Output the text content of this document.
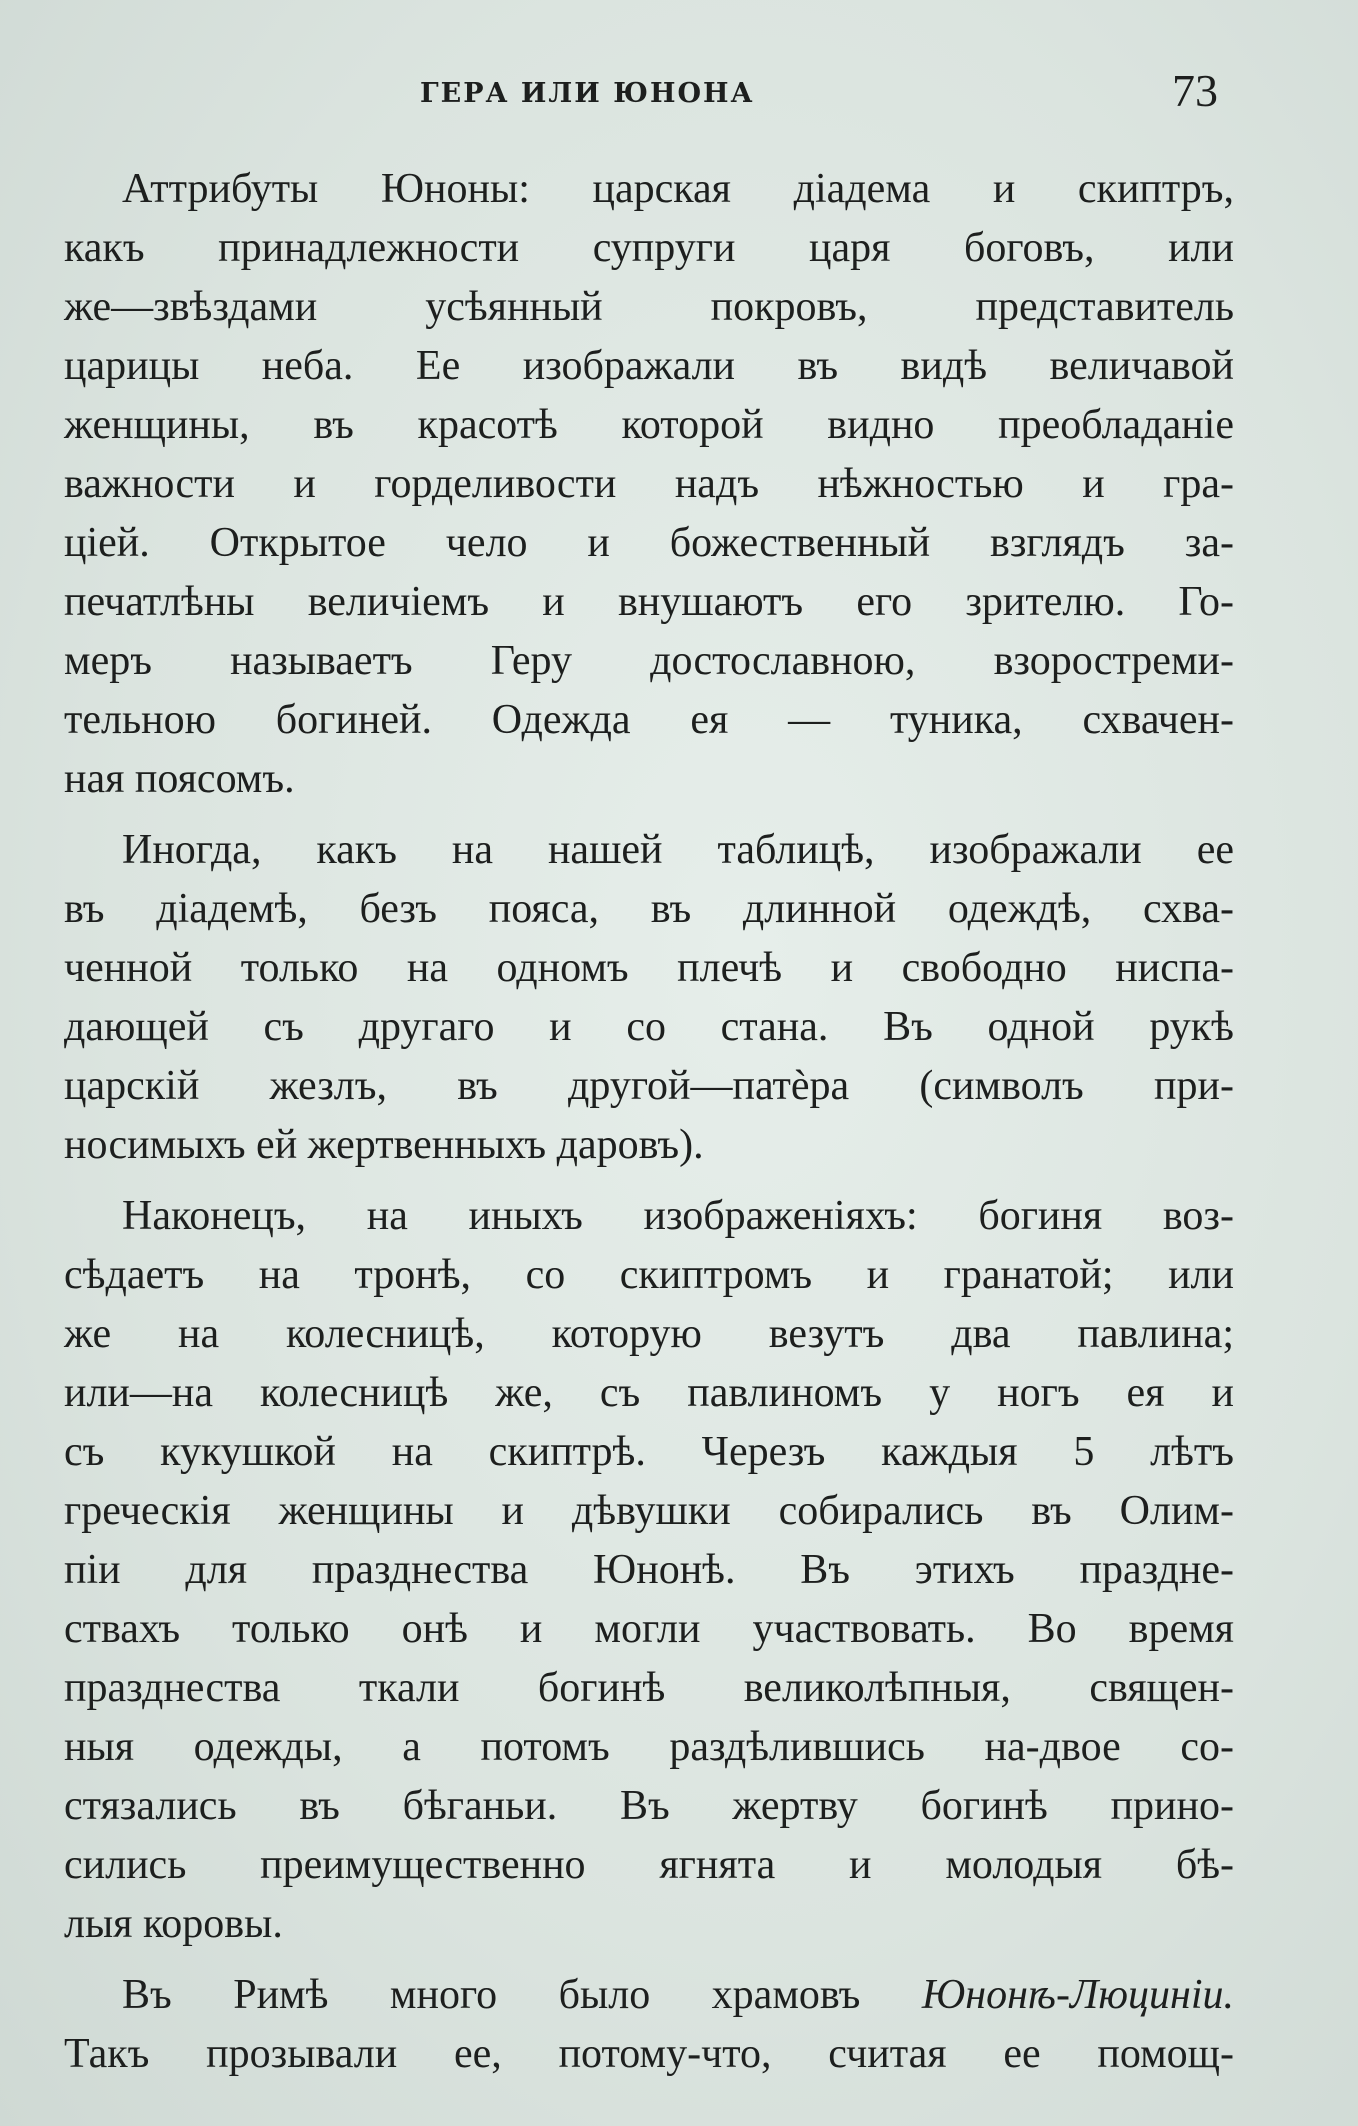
ГЕРА ИЛИ ЮНОНА	73
Аттрибуты Юноны: царская діадема и скиптръ,
какъ принадлежности супруги царя боговъ, или
же—звѣздами усѣянный покровъ, представитель
царицы неба. Ее изображали въ видѣ величавой
женщины, въ красотѣ которой видно преобладаніе
важности и горделивости надъ нѣжностью и гра-
ціей. Открытое чело и божественный взглядъ за-
печатлѣны величіемъ и внушаютъ его зрителю. Го-
меръ называетъ Геру достославною, взоростреми-
тельною богиней. Одежда ея — туника, схвачен-
ная поясомъ.
Иногда, какъ на нашей таблицѣ, изображали ее
въ діадемѣ, безъ пояса, въ длинной одеждѣ, схва-
ченной только на одномъ плечѣ и свободно ниспа-
дающей съ другаго и со стана. Въ одной рукѣ
царскій жезлъ, въ другой—патѐра (символъ при-
носимыхъ ей жертвенныхъ даровъ).
Наконецъ, на иныхъ изображеніяхъ: богиня воз-
сѣдаетъ на тронѣ, со скиптромъ и гранатой; или
же на колесницѣ, которую везутъ два павлина;
или—на колесницѣ же, съ павлиномъ у ногъ ея и
съ кукушкой на скиптрѣ. Черезъ каждыя 5 лѣтъ
греческія женщины и дѣвушки собирались въ Олим-
піи для празднества Юнонѣ. Въ этихъ праздне-
ствахъ только онѣ и могли участвовать. Во время
празднества ткали богинѣ великолѣпныя, священ-
ныя одежды, а потомъ раздѣлившись на-двое со-
стязались въ бѣганьи. Въ жертву богинѣ прино-
сились преимущественно ягнята и молодыя бѣ-
лыя коровы.
Въ Римѣ много было храмовъ Юнонѣ-Люциніи.
Такъ прозывали ее, потому-что, считая ее помощ-
